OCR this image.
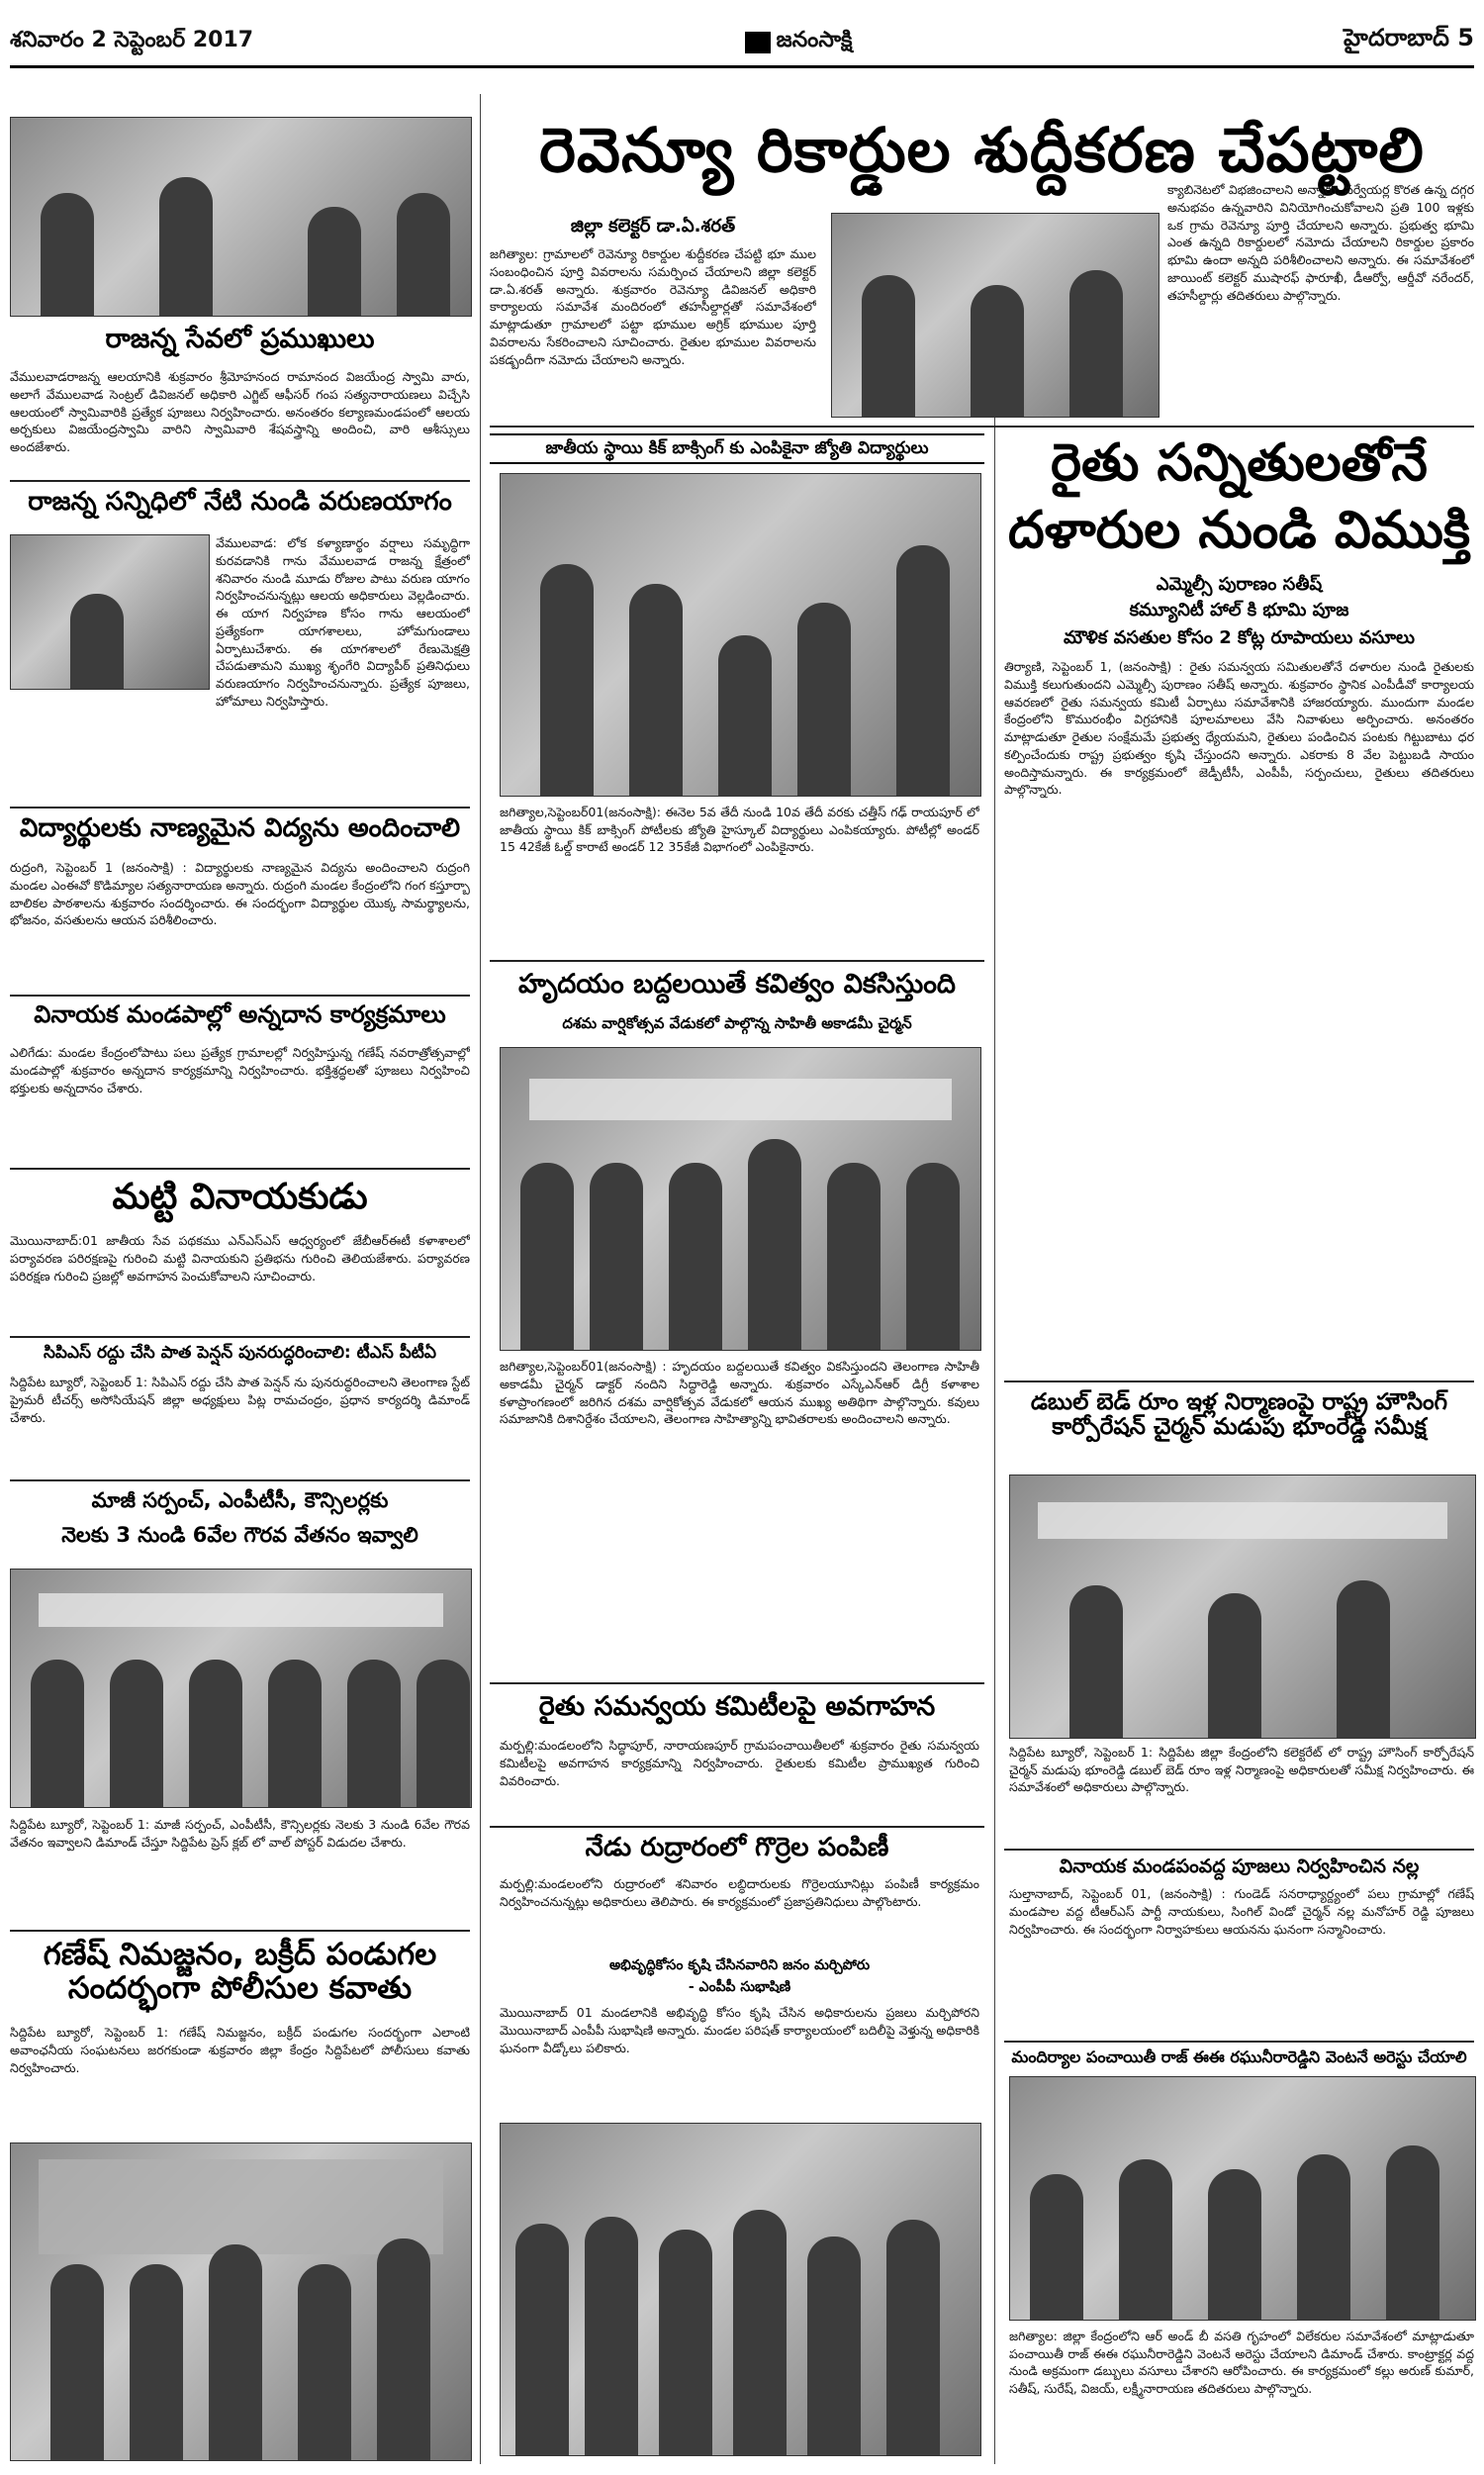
శనివారం 2 సెప్టెంబర్ 2017	జనంసాక్షి	హైదరాబాద్ 5
రాజన్న సేవలో ప్రముఖులు
వేములవాడరాజన్న ఆలయానికి శుక్రవారం శ్రీమోహనంద రామానంద విజయేంద్ర స్వామి వారు, అలాగే వేములవాడ సెంట్రల్ డివిజనల్ అధికారి ఎగ్జిట్ ఆఫీసర్ గంప సత్యనారాయణలు విచ్చేసి ఆలయంలో స్వామివారికి ప్రత్యేక పూజలు నిర్వహించారు. అనంతరం కల్యాణమండపంలో ఆలయ అర్చకులు విజయేంద్రస్వామి వారిని స్వామివారి శేషవస్త్రాన్ని అందించి, వారి ఆశీస్సులు అందజేశారు.
రాజన్న సన్నిధిలో నేటి నుండి వరుణయాగం
వేములవాడ: లోక కళ్యాణార్థం వర్షాలు సమృద్ధిగా కురవడానికి గాను వేములవాడ రాజన్న క్షేత్రంలో శనివారం నుండి మూడు రోజుల పాటు వరుణ యాగం నిర్వహించనున్నట్లు ఆలయ అధికారులు వెల్లడించారు. ఈ యాగ నిర్వహణ కోసం గాను ఆలయంలో ప్రత్యేకంగా యాగశాలలు, హోమగుండాలు ఏర్పాటుచేశారు. ఈ యాగశాలలో రేణుమెక్షత్రి చేపడుతామని ముఖ్య శృంగేరి విద్యాపీఠ్ ప్రతినిధులు వరుణయాగం నిర్వహించనున్నారు. ప్రత్యేక పూజలు, హోమాలు నిర్వహిస్తారు.
విద్యార్థులకు నాణ్యమైన విద్యను అందించాలి
రుద్రంగి, సెప్టెంబర్ 1 (జనంసాక్షి) : విద్యార్థులకు నాణ్యమైన విద్యను అందించాలని రుద్రంగి మండల ఎంఈవో కొడిమ్యాల సత్యనారాయణ అన్నారు. రుద్రంగి మండల కేంద్రంలోని గంగ కస్తూర్బా బాలికల పాఠశాలను శుక్రవారం సందర్శించారు. ఈ సందర్భంగా విద్యార్థుల యొక్క సామర్థ్యాలను, భోజనం, వసతులను ఆయన పరిశీలించారు.
వినాయక మండపాల్లో అన్నదాన కార్యక్రమాలు
ఎలిగేడు: మండల కేంద్రంలోపాటు పలు ప్రత్యేక గ్రామాలల్లో నిర్వహిస్తున్న గణేష్ నవరాత్రోత్సవాల్లో మండపాల్లో శుక్రవారం అన్నదాన కార్యక్రమాన్ని నిర్వహించారు. భక్తిశ్రద్ధలతో పూజలు నిర్వహించి భక్తులకు అన్నదానం చేశారు.
మట్టి వినాయకుడు
మొయినాబాద్:01 జాతీయ సేవ పథకము ఎన్ఎస్ఎస్ ఆధ్వర్యంలో జేబీఆర్ఈటీ కళాశాలలో పర్యావరణ పరిరక్షణపై గురించి మట్టి వినాయకుని ప్రతిభను గురించి తెలియజేశారు. పర్యావరణ పరిరక్షణ గురించి ప్రజల్లో అవగాహన పెంచుకోవాలని సూచించారు.
సిపిఎస్ రద్దు చేసి పాత పెన్షన్ పునరుద్ధరించాలి: టీఎస్ పీటీఏ
సిద్దిపేట బ్యూరో, సెప్టెంబర్ 1: సిపిఎస్ రద్దు చేసి పాత పెన్షన్ ను పునరుద్ధరించాలని తెలంగాణ స్టేట్ ప్రైమరీ టీచర్స్ అసోసియేషన్ జిల్లా అధ్యక్షులు పిట్ల రామచంద్రం, ప్రధాన కార్యదర్శి డిమాండ్ చేశారు.
మాజీ సర్పంచ్, ఎంపీటీసీ, కౌన్సిలర్లకు
నెలకు 3 నుండి 6వేల గౌరవ వేతనం ఇవ్వాలి
సిద్దిపేట బ్యూరో, సెప్టెంబర్ 1: మాజీ సర్పంచ్, ఎంపీటీసీ, కౌన్సిలర్లకు నెలకు 3 నుండి 6వేల గౌరవ వేతనం ఇవ్వాలని డిమాండ్ చేస్తూ సిద్దిపేట ప్రెస్ క్లబ్ లో వాల్ పోస్టర్ విడుదల చేశారు.
గణేష్ నిమజ్జనం, బక్రీద్ పండుగల సందర్భంగా పోలీసుల కవాతు
సిద్దిపేట బ్యూరో, సెప్టెంబర్ 1: గణేష్ నిమజ్జనం, బక్రీద్ పండుగల సందర్భంగా ఎలాంటి అవాంఛనీయ సంఘటనలు జరగకుండా శుక్రవారం జిల్లా కేంద్రం సిద్దిపేటలో పోలీసులు కవాతు నిర్వహించారు.
రెవెన్యూ రికార్డుల శుద్దీకరణ చేపట్టాలి
జిల్లా కలెక్టర్ డా.ఏ.శరత్
జగిత్యాల: గ్రామాలలో రెవెన్యూ రికార్డుల శుద్దీకరణ చేపట్టి భూ ముల సంబంధించిన పూర్తి వివరాలను సమర్పించ చేయాలని జిల్లా కలెక్టర్ డా.ఏ.శరత్ అన్నారు. శుక్రవారం రెవెన్యూ డివిజనల్ అధికారి కార్యాలయ సమావేశ మందిరంలో తహసీల్దార్లతో సమావేశంలో మాట్లాడుతూ గ్రామాలలో పట్టా భూముల అగ్రిక్ భూముల పూర్తి వివరాలను సేకరించాలని సూచించారు. రైతుల భూముల వివరాలను పకడ్బందీగా నమోదు చేయాలని అన్నారు.
క్యాబినెటలో విభజించాలని అన్నారు. సర్వేయర్ల కొరత ఉన్న దగ్గర అనుభవం ఉన్నవారిని వినియోగించుకోవాలని ప్రతి 100 ఇళ్లకు ఒక గ్రామ రెవెన్యూ పూర్తి చేయాలని అన్నారు. ప్రభుత్వ భూమి ఎంత ఉన్నది రికార్డులలో నమోదు చేయాలని రికార్డుల ప్రకారం భూమి ఉందా అన్నది పరిశీలించాలని అన్నారు. ఈ సమావేశంలో జాయింట్ కలెక్టర్ ముషారఫ్ ఫారూఖీ, డీఆర్వో, ఆర్డీవో నరేందర్, తహసీల్దార్లు తదితరులు పాల్గొన్నారు.
జాతీయ స్థాయి కిక్ బాక్సింగ్ కు ఎంపికైనా జ్యోతి విద్యార్థులు
జగిత్యాల,సెప్టెంబర్01(జనంసాక్షి): ఈనెల 5వ తేదీ నుండి 10వ తేదీ వరకు చత్తీస్ గఢ్ రాయపూర్ లో జాతీయ స్థాయి కిక్ బాక్సింగ్ పోటీలకు జ్యోతి హైస్కూల్ విద్యార్థులు ఎంపికయ్యారు. పోటీల్లో అండర్ 15 42కేజీ ఓల్డ్ కారాటే అండర్ 12 35కేజీ విభాగంలో ఎంపికైనారు.
హృదయం బద్దలయితే కవిత్వం వికసిస్తుంది
దశమ వార్షికోత్సవ వేడుకలో పాల్గొన్న సాహితీ అకాడమీ చైర్మన్
జగిత్యాల,సెప్టెంబర్01(జనంసాక్షి) : హృదయం బద్దలయితే కవిత్వం వికసిస్తుందని తెలంగాణ సాహితీ అకాడమీ చైర్మన్ డాక్టర్ నందిని సిద్ధారెడ్డి అన్నారు. శుక్రవారం ఎస్కేఎన్ఆర్ డిగ్రీ కళాశాల కళాప్రాంగణంలో జరిగిన దశమ వార్షికోత్సవ వేడుకలో ఆయన ముఖ్య అతిథిగా పాల్గొన్నారు. కవులు సమాజానికి దిశానిర్దేశం చేయాలని, తెలంగాణ సాహిత్యాన్ని భావితరాలకు అందించాలని అన్నారు.
రైతు సమన్వయ కమిటీలపై అవగాహన
మర్పల్లి:మండలంలోని సిద్ధాపూర్, నారాయణపూర్ గ్రామపంచాయితీలలో శుక్రవారం రైతు సమన్వయ కమిటీలపై అవగాహన కార్యక్రమాన్ని నిర్వహించారు. రైతులకు కమిటీల ప్రాముఖ్యత గురించి వివరించారు.
నేడు రుద్రారంలో గొర్రెల పంపిణీ
మర్పల్లి:మండలంలోని రుద్రారంలో శనివారం లబ్ధిదారులకు గొర్రెలయూనిట్లు పంపిణీ కార్యక్రమం నిర్వహించనున్నట్లు అధికారులు తెలిపారు. ఈ కార్యక్రమంలో ప్రజాప్రతినిధులు పాల్గొంటారు.
అభివృద్ధికోసం కృషి చేసినవారిని జనం మర్చిపోరు
- ఎంపీపీ సుభాషిణి
మొయినాబాద్ 01 మండలానికి అభివృద్ధి కోసం కృషి చేసిన అధికారులను ప్రజలు మర్చిపోరని మొయినాబాద్ ఎంపీపీ సుభాషిణి అన్నారు. మండల పరిషత్ కార్యాలయంలో బదిలీపై వెళ్తున్న అధికారికి ఘనంగా వీడ్కోలు పలికారు.
రైతు సన్నితులతోనే
దళారుల నుండి విముక్తి
ఎమ్మెల్సీ పురాణం సతీష్
కమ్యూనిటీ హాల్ కి భూమి పూజ
మౌళిక వసతుల కోసం 2 కోట్ల రూపాయలు వసూలు
తిర్యాణి, సెప్టెంబర్ 1, (జనంసాక్షి) : రైతు సమన్వయ సమితులతోనే దళారుల నుండి రైతులకు విముక్తి కలుగుతుందని ఎమ్మెల్సీ పురాణం సతీష్ అన్నారు. శుక్రవారం స్థానిక ఎంపీడీవో కార్యాలయ ఆవరణలో రైతు సమన్వయ కమిటీ ఏర్పాటు సమావేశానికి హాజరయ్యారు. ముందుగా మండల కేంద్రంలోని కొమురంభీం విగ్రహానికి పూలమాలలు వేసి నివాళులు అర్పించారు. అనంతరం మాట్లాడుతూ రైతుల సంక్షేమమే ప్రభుత్వ ధ్యేయమని, రైతులు పండించిన పంటకు గిట్టుబాటు ధర కల్పించేందుకు రాష్ట్ర ప్రభుత్వం కృషి చేస్తుందని అన్నారు. ఎకరాకు 8 వేల పెట్టుబడి సాయం అందిస్తామన్నారు. ఈ కార్యక్రమంలో జెడ్పీటీసీ, ఎంపీపీ, సర్పంచులు, రైతులు తదితరులు పాల్గొన్నారు.
డబుల్ బెడ్ రూం ఇళ్ల నిర్మాణంపై రాష్ట్ర హౌసింగ్ కార్పోరేషన్ చైర్మన్ మడుపు భూంరెడ్డి సమీక్ష
సిద్దిపేట బ్యూరో, సెప్టెంబర్ 1: సిద్దిపేట జిల్లా కేంద్రంలోని కలెక్టరేట్ లో రాష్ట్ర హౌసింగ్ కార్పోరేషన్ చైర్మన్ మడుపు భూంరెడ్డి డబుల్ బెడ్ రూం ఇళ్ల నిర్మాణంపై అధికారులతో సమీక్ష నిర్వహించారు. ఈ సమావేశంలో అధికారులు పాల్గొన్నారు.
వినాయక మండపంవద్ద పూజలు నిర్వహించిన నల్ల
సుల్తానాబాద్, సెప్టెంబర్ 01, (జనంసాక్షి) : గుండెడ్ సనరాధ్యార్ద్యంలో పలు గ్రామాల్లో గణేష్ మండపాల వద్ద టీఆర్ఎస్ పార్టీ నాయకులు, సింగిల్ విండో చైర్మన్ నల్ల మనోహర్ రెడ్డి పూజలు నిర్వహించారు. ఈ సందర్భంగా నిర్వాహకులు ఆయనను ఘనంగా సన్మానించారు.
మందిర్యాల పంచాయితీ రాజ్ ఈఈ రఘునీరారెడ్డిని వెంటనే అరెస్టు చేయాలి
జగిత్యాల: జిల్లా కేంద్రంలోని ఆర్ అండ్ బీ వసతి గృహంలో విలేకరుల సమావేశంలో మాట్లాడుతూ పంచాయితీ రాజ్ ఈఈ రఘునీరారెడ్డిని వెంటనే అరెస్టు చేయాలని డిమాండ్ చేశారు. కాంట్రాక్టర్ల వద్ద నుండి అక్రమంగా డబ్బులు వసూలు చేశారని ఆరోపించారు. ఈ కార్యక్రమంలో కల్లు అరుణ్ కుమార్, సతీష్, సురేష్, విజయ్, లక్ష్మీనారాయణ తదితరులు పాల్గొన్నారు.
